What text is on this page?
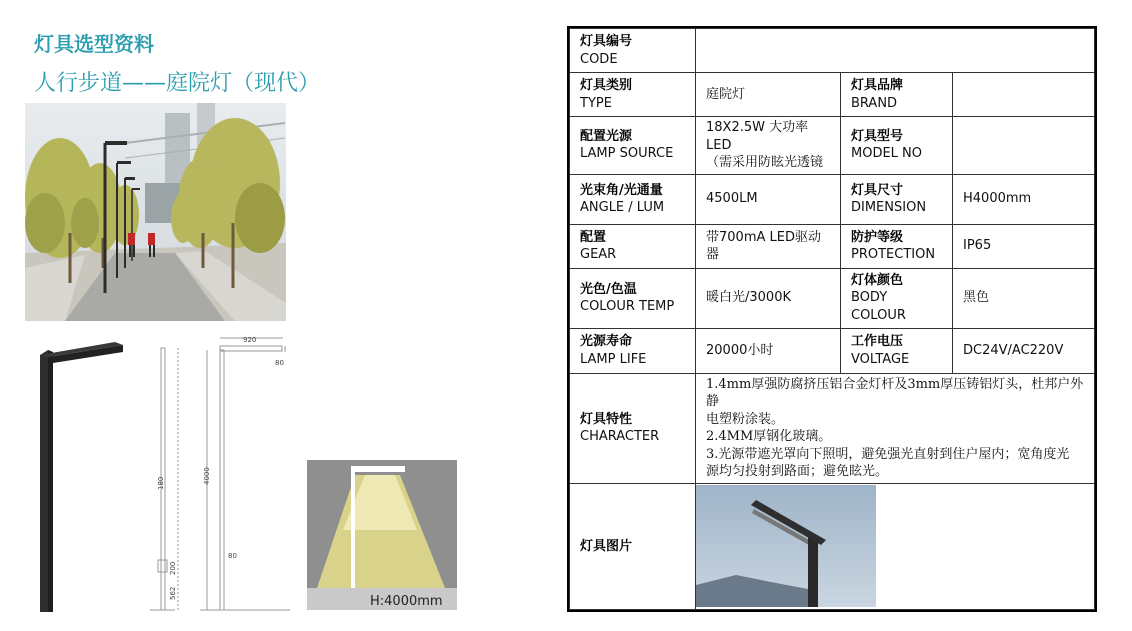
灯具选型资料
人行步道——庭院灯（现代）
180
200
562
920
80
4000
80
H:4000mm
灯具编号
CODE			

灯具类别
TYPE	庭院灯	灯具品牌
BRAND	

配置光源
LAMP SOURCE	18X2.5W 大功率LED
（需采用防眩光透镜	灯具型号
MODEL NO	

光束角/光通量
ANGLE / LUM	4500LM	灯具尺寸
DIMENSION	H4000mm

配置
GEAR	带700mA LED驱动器	防护等级
PROTECTION	IP65

光色/色温
COLOUR TEMP	暖白光/3000K	灯体颜色
BODY
COLOUR	黑色

光源寿命
LAMP LIFE	20000小时	工作电压
VOLTAGE	DC24V/AC220V

灯具特性
CHARACTER	1.4mm厚强防腐挤压铝合金灯杆及3mm厚压铸铝灯头，杜邦户外静
电塑粉涂装。
2.4MM厚钢化玻璃。
3.光源带遮光罩向下照明，避免强光直射到住户屋内；宽角度光
源均匀投射到路面；避免眩光。		

灯具图片
